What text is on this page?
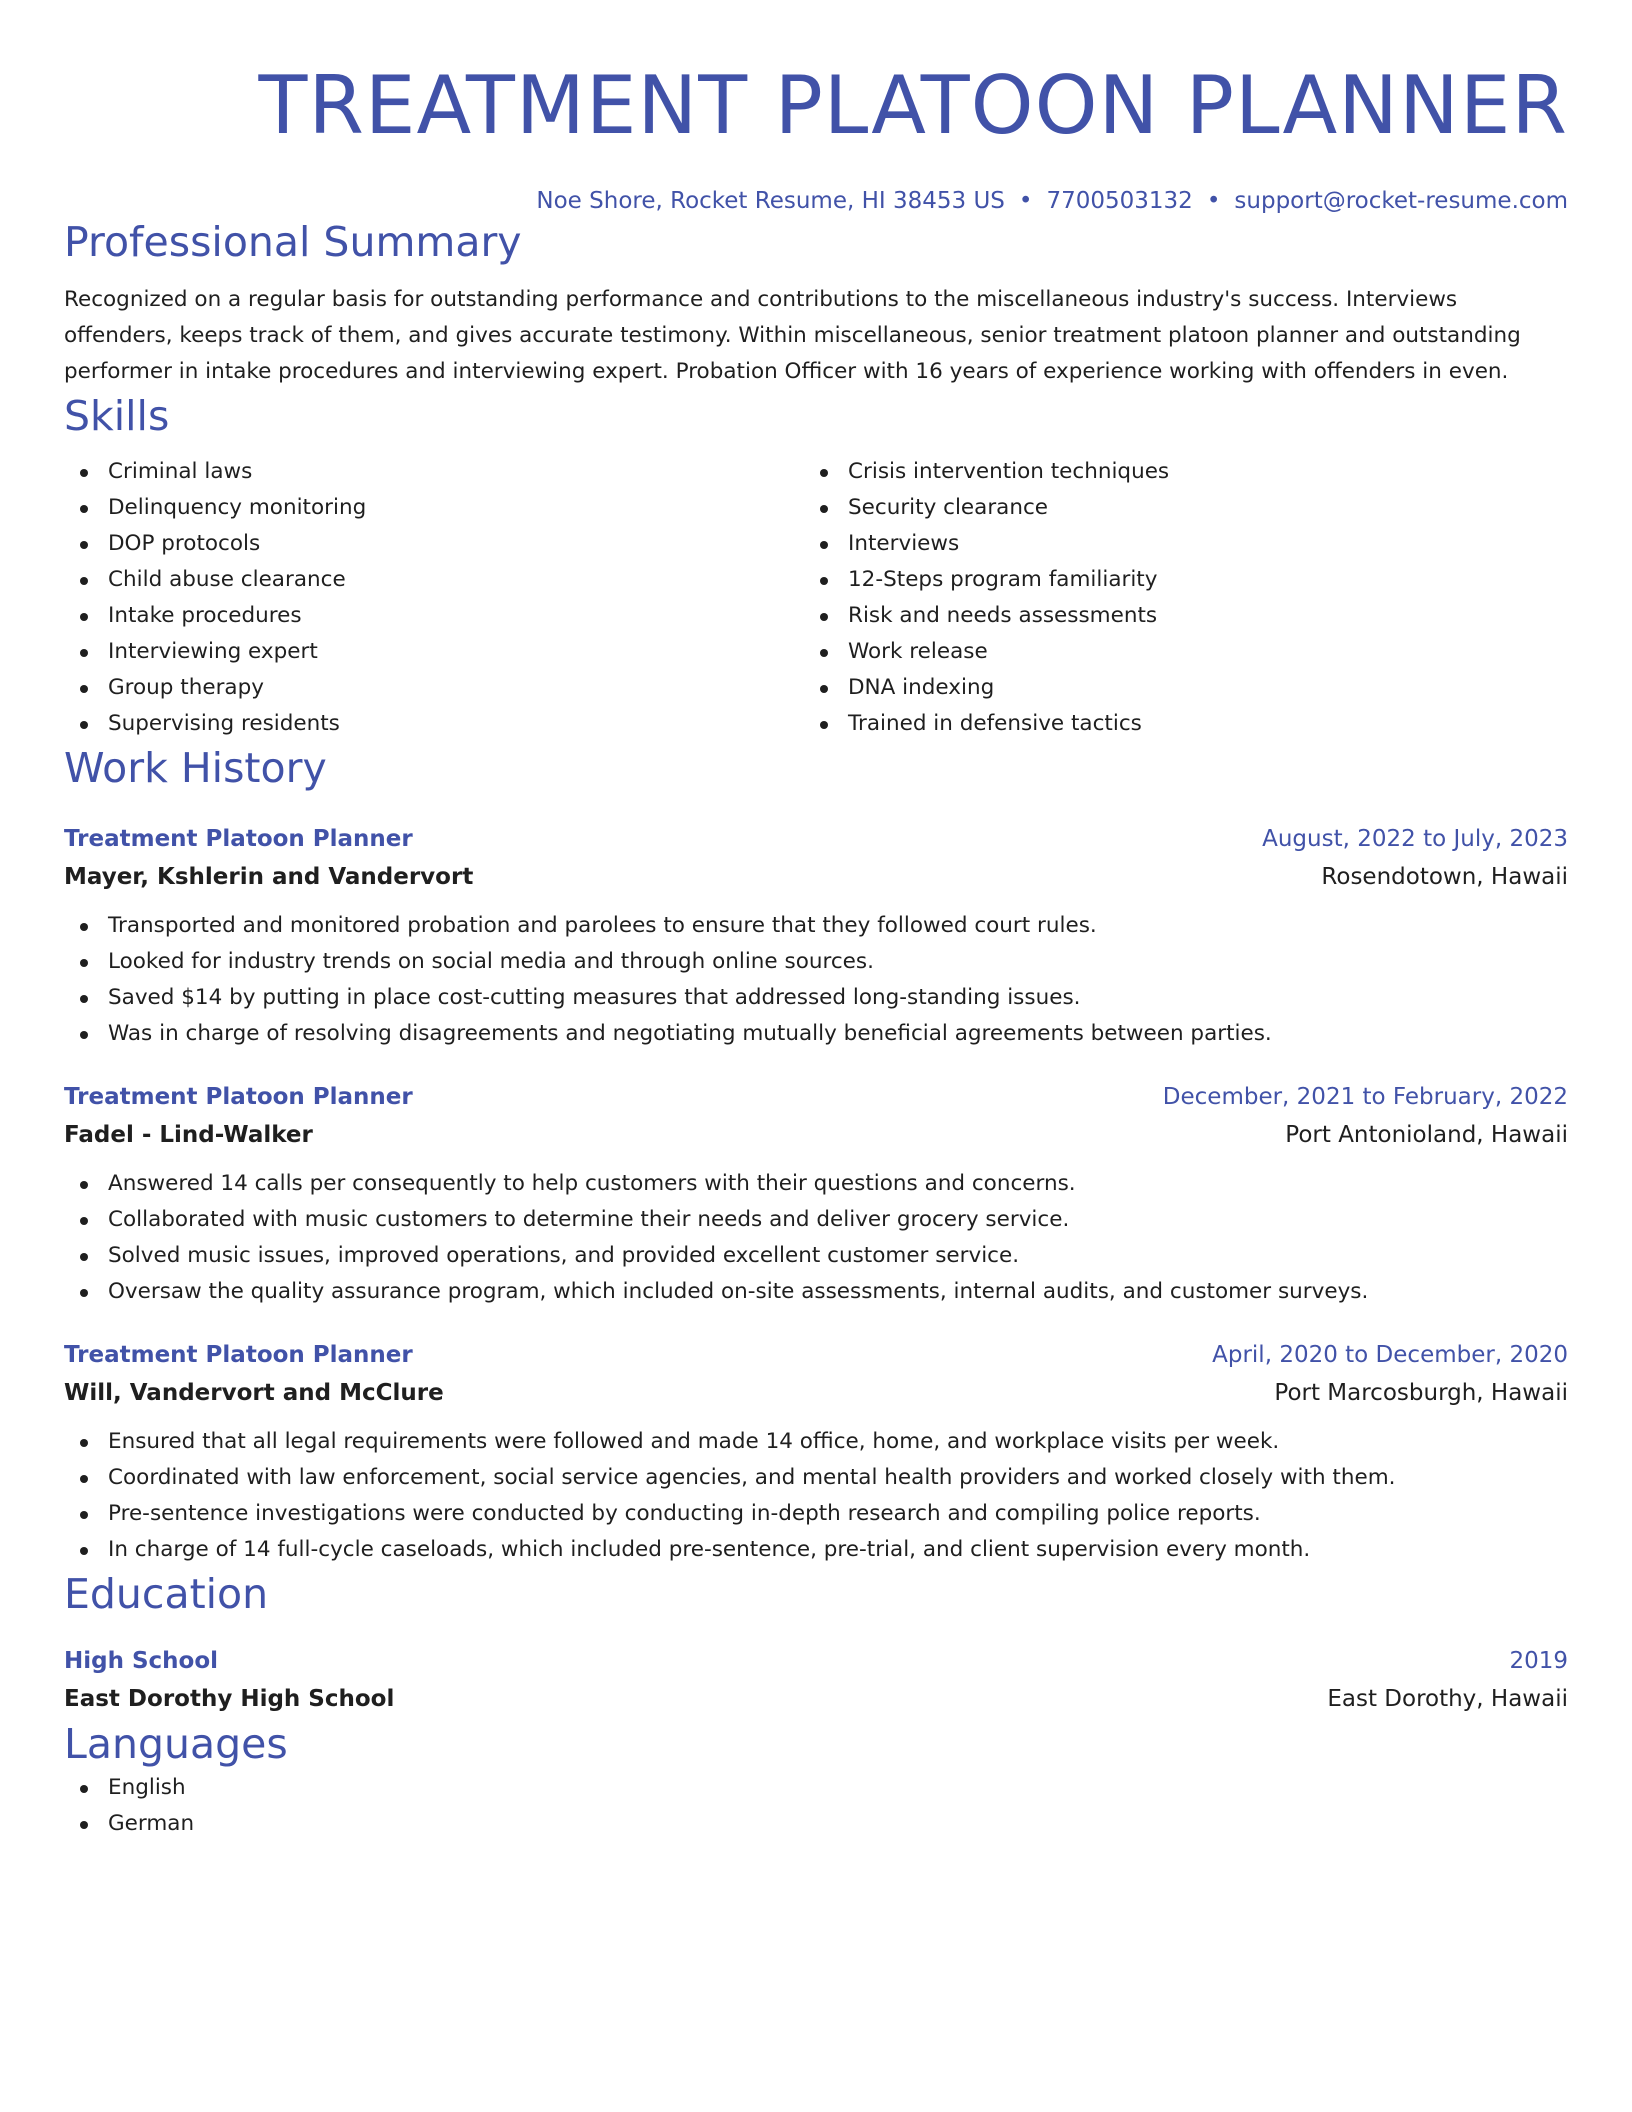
TREATMENT PLATOON PLANNER
Noe Shore, Rocket Resume, HI 38453 US • 7700503132 • support@rocket-resume.com
Professional Summary
Recognized on a regular basis for outstanding performance and contributions to the miscellaneous industry's success. Interviews offenders, keeps track of them, and gives accurate testimony. Within miscellaneous, senior treatment platoon planner and outstanding performer in intake procedures and interviewing expert. Probation Officer with 16 years of experience working with offenders in even.
Skills
Criminal laws
Delinquency monitoring
DOP protocols
Child abuse clearance
Intake procedures
Interviewing expert
Group therapy
Supervising residents
Crisis intervention techniques
Security clearance
Interviews
12-Steps program familiarity
Risk and needs assessments
Work release
DNA indexing
Trained in defensive tactics
Work History
Treatment Platoon Planner	August, 2022 to July, 2023
Mayer, Kshlerin and Vandervort	Rosendotown, Hawaii
Transported and monitored probation and parolees to ensure that they followed court rules.
Looked for industry trends on social media and through online sources.
Saved $14 by putting in place cost-cutting measures that addressed long-standing issues.
Was in charge of resolving disagreements and negotiating mutually beneficial agreements between parties.
Treatment Platoon Planner	December, 2021 to February, 2022
Fadel - Lind-Walker	Port Antonioland, Hawaii
Answered 14 calls per consequently to help customers with their questions and concerns.
Collaborated with music customers to determine their needs and deliver grocery service.
Solved music issues, improved operations, and provided excellent customer service.
Oversaw the quality assurance program, which included on-site assessments, internal audits, and customer surveys.
Treatment Platoon Planner	April, 2020 to December, 2020
Will, Vandervort and McClure	Port Marcosburgh, Hawaii
Ensured that all legal requirements were followed and made 14 office, home, and workplace visits per week.
Coordinated with law enforcement, social service agencies, and mental health providers and worked closely with them.
Pre-sentence investigations were conducted by conducting in-depth research and compiling police reports.
In charge of 14 full-cycle caseloads, which included pre-sentence, pre-trial, and client supervision every month.
Education
High School	2019
East Dorothy High School	East Dorothy, Hawaii
Languages
English
German
